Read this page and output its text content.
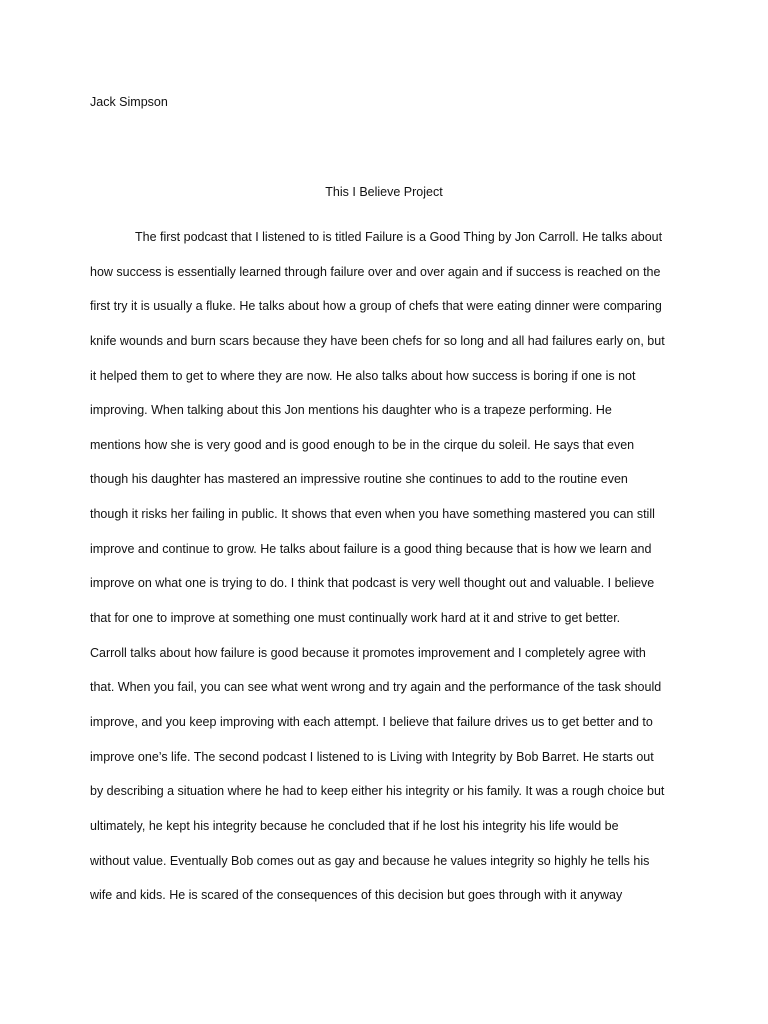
Jack Simpson
This I Believe Project
The first podcast that I listened to is titled Failure is a Good Thing by Jon Carroll. He talks about
how success is essentially learned through failure over and over again and if success is reached on the
first try it is usually a fluke. He talks about how a group of chefs that were eating dinner were comparing
knife wounds and burn scars because they have been chefs for so long and all had failures early on, but
it helped them to get to where they are now. He also talks about how success is boring if one is not
improving. When talking about this Jon mentions his daughter who is a trapeze performing. He
mentions how she is very good and is good enough to be in the cirque du soleil. He says that even
though his daughter has mastered an impressive routine she continues to add to the routine even
though it risks her failing in public. It shows that even when you have something mastered you can still
improve and continue to grow. He talks about failure is a good thing because that is how we learn and
improve on what one is trying to do. I think that podcast is very well thought out and valuable. I believe
that for one to improve at something one must continually work hard at it and strive to get better.
Carroll talks about how failure is good because it promotes improvement and I completely agree with
that. When you fail, you can see what went wrong and try again and the performance of the task should
improve, and you keep improving with each attempt. I believe that failure drives us to get better and to
improve one’s life. The second podcast I listened to is Living with Integrity by Bob Barret. He starts out
by describing a situation where he had to keep either his integrity or his family. It was a rough choice but
ultimately, he kept his integrity because he concluded that if he lost his integrity his life would be
without value. Eventually Bob comes out as gay and because he values integrity so highly he tells his
wife and kids. He is scared of the consequences of this decision but goes through with it anyway
